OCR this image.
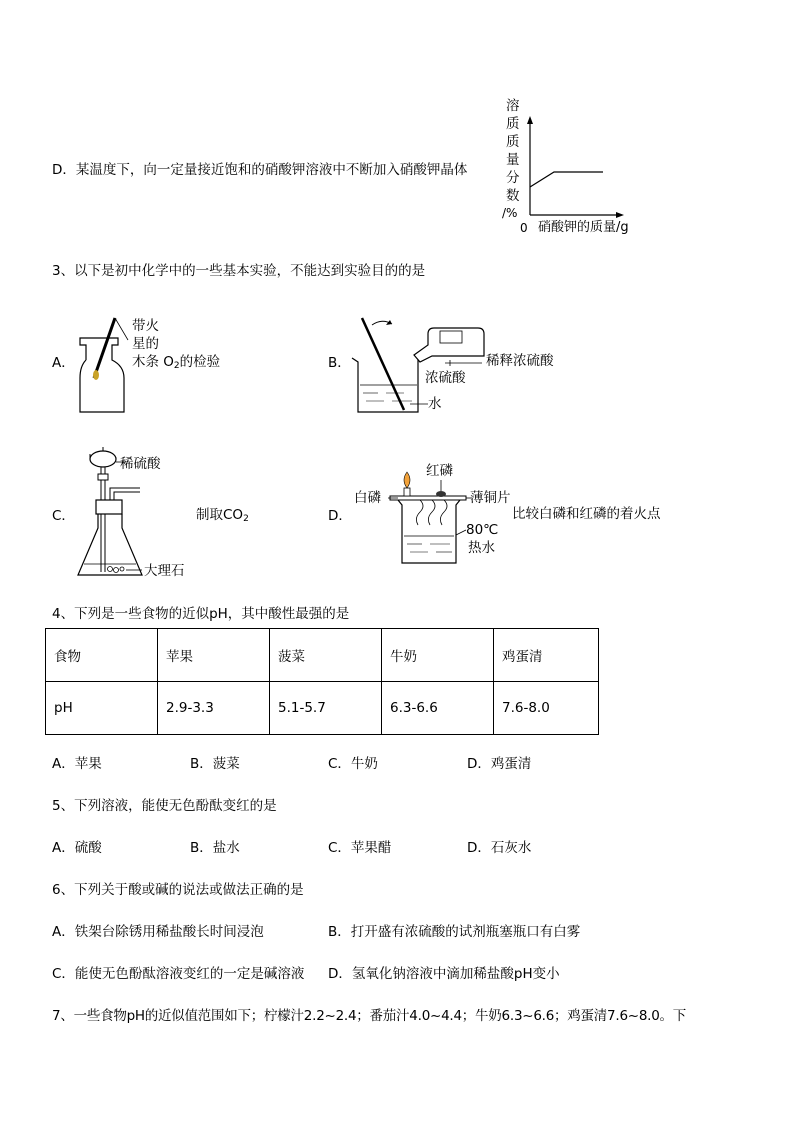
D．某温度下，向一定量接近饱和的硝酸钾溶液中不断加入硝酸钾晶体
溶
质
质
量
分
数
/%
0 硝酸钾的质量/g
3、以下是初中化学中的一些基本实验，不能达到实验目的的是
A．
带火
星的
木条 $O_2$的检验	B．
浓硫酸
水
稀释浓硫酸
C．
稀硫酸
大理石
制取$CO_2$	D．
红磷
白磷	薄铜片
80℃
热水
比较白磷和红磷的着火点
4、下列是一些食物的近似pH，其中酸性最强的是
食物	苹果	菠菜	牛奶	鸡蛋清
pH	2.9-3.3	5.1-5.7	6.3-6.6	7.6-8.0
A．苹果	B．菠菜	C．牛奶	D．鸡蛋清
5、下列溶液，能使无色酚酞变红的是
A．硫酸	B．盐水	C．苹果醋	D．石灰水
6、下列关于酸或碱的说法或做法正确的是
A．铁架台除锈用稀盐酸长时间浸泡	B．打开盛有浓硫酸的试剂瓶塞瓶口有白雾
C．能使无色酚酞溶液变红的一定是碱溶液 D．氢氧化钠溶液中滴加稀盐酸pH变小
7、一些食物pH的近似值范围如下；柠檬汁2.2~2.4；番茄汁4.0~4.4；牛奶6.3~6.6；鸡蛋清7.6~8.0。下
